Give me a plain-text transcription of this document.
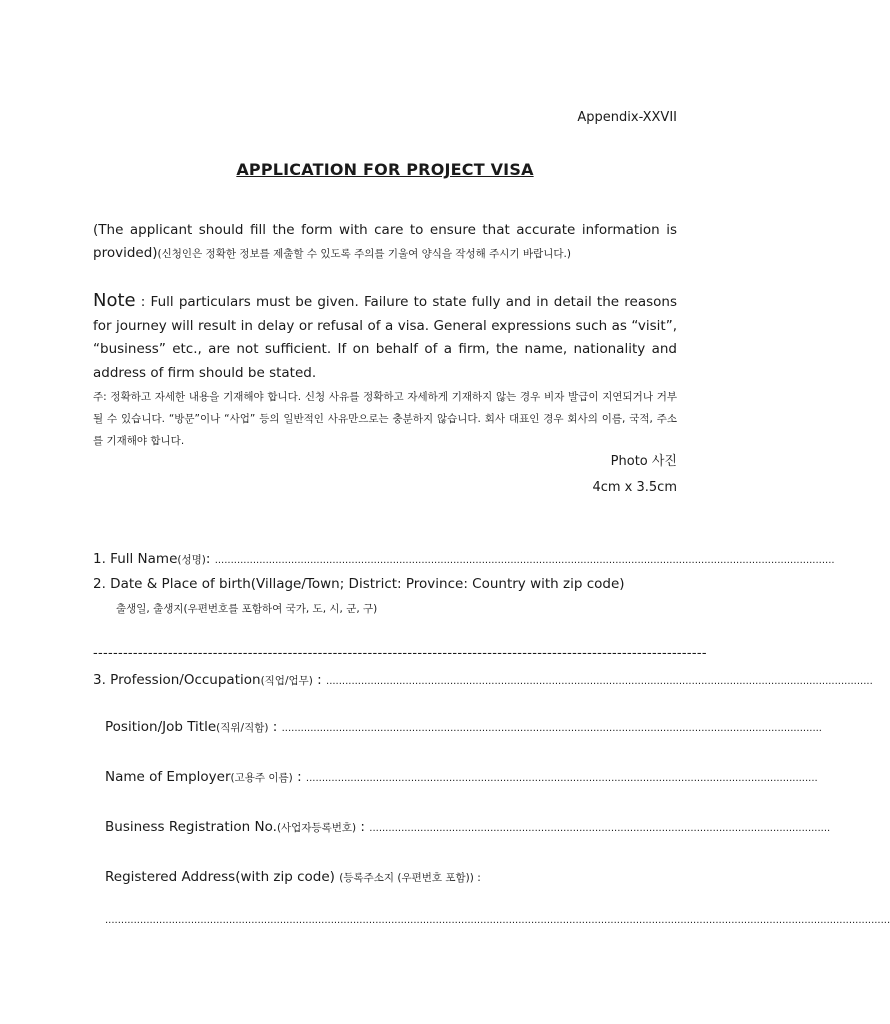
Appendix-XXVII
APPLICATION FOR PROJECT VISA
(The applicant should fill the form with care to ensure that accurate information is provided)(신청인은 정확한 정보를 제출할 수 있도록 주의를 기울여 양식을 작성해 주시기 바랍니다.)
Note : Full particulars must be given. Failure to state fully and in detail the reasons for journey will result in delay or refusal of a visa. General expressions such as “visit”, “business” etc., are not sufficient. If on behalf of a firm, the name, nationality and address of firm should be stated.
주: 정확하고 자세한 내용을 기재해야 합니다. 신청 사유를 정확하고 자세하게 기재하지 않는 경우 비자 발급이 지연되거나 거부될 수 있습니다. “방문”이나 “사업” 등의 일반적인 사유만으로는 충분하지 않습니다. 회사 대표인 경우 회사의 이름, 국적, 주소를 기재해야 합니다.
Photo 사진
4cm x 3.5cm
1. Full Name(성명): ...................................................................................................................................................................................................
2. Date & Place of birth(Village/Town; District: Province: Country with zip code)
출생일, 출생지(우편번호를 포함하여 국가, 도, 시, 군, 구)
---------------------------------------------------------------------------------------------------------------------------
3. Profession/Occupation(직업/업무) : ............................................................................................................................................................................
Position/Job Title(직위/직함) : ..........................................................................................................................................................................
Name of Employer(고용주 이름) : .................................................................................................................................................................
Business Registration No.(사업자등록번호) : .................................................................................................................................................
Registered Address(with zip code) (등록주소지 (우편번호 포함)) :
.......................................................................................................................................................................................................................................................
